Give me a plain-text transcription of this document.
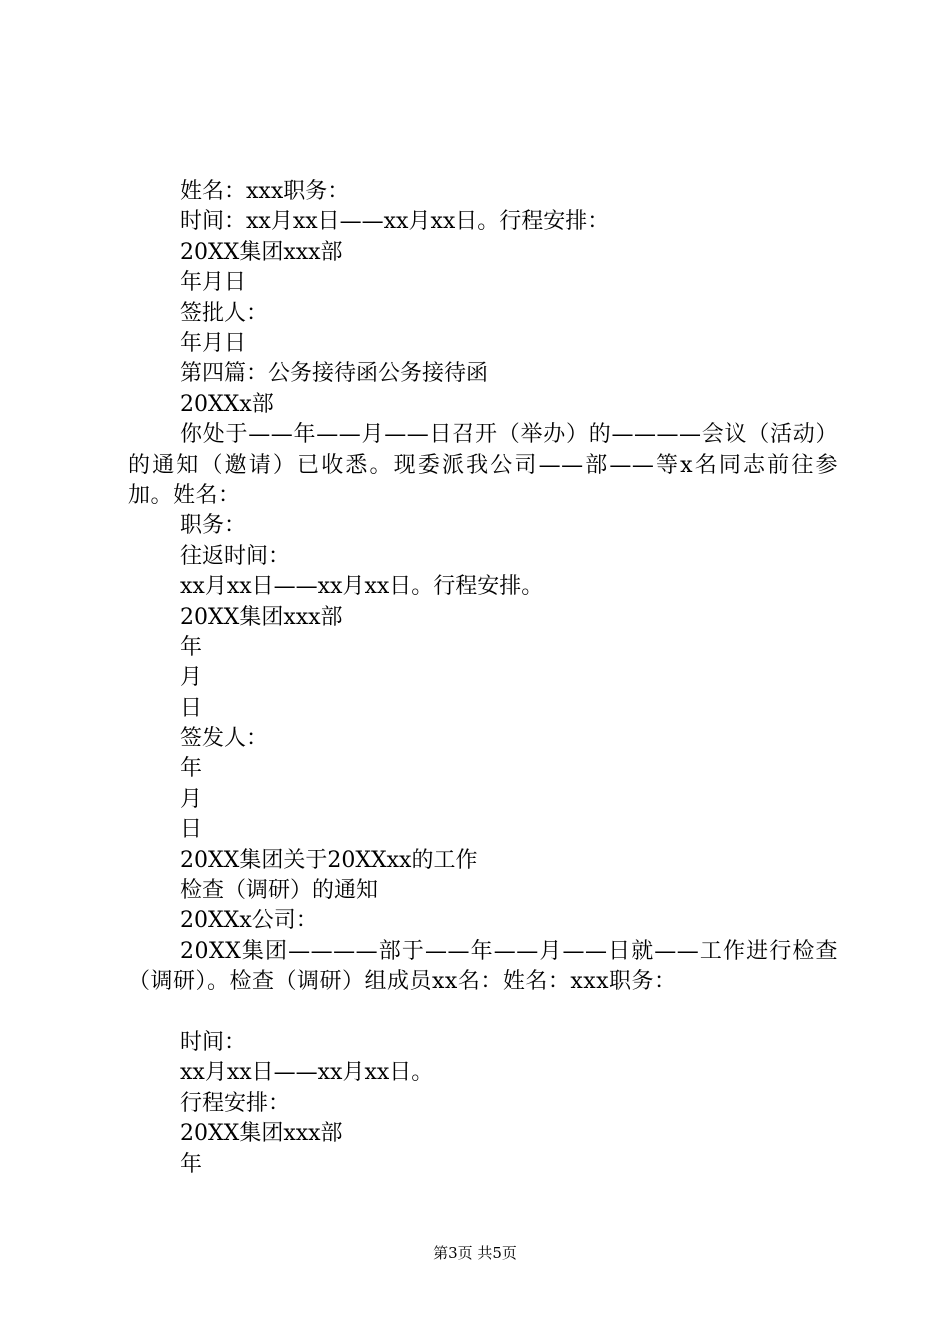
姓名：xxx职务：
时间：xx月xx日——xx月xx日。行程安排：
20XX集团xxx部
年月日
签批人：
年月日
第四篇：公务接待函公务接待函
20XXx部
你处于——年——月——日召开（举办）的————会议（活动）的通知（邀请）已收悉。现委派我公司——部——等x名同志前往参加。姓名：
职务：
往返时间：
xx月xx日——xx月xx日。行程安排。
20XX集团xxx部
年
月
日
签发人：
年
月
日
20XX集团关于20XXxx的工作
检查（调研）的通知
20XXx公司：
20XX集团————部于——年——月——日就——工作进行检查（调研）。检查（调研）组成员xx名：姓名：xxx职务：
时间：
xx月xx日——xx月xx日。
行程安排：
20XX集团xxx部
年
第3页 共5页
